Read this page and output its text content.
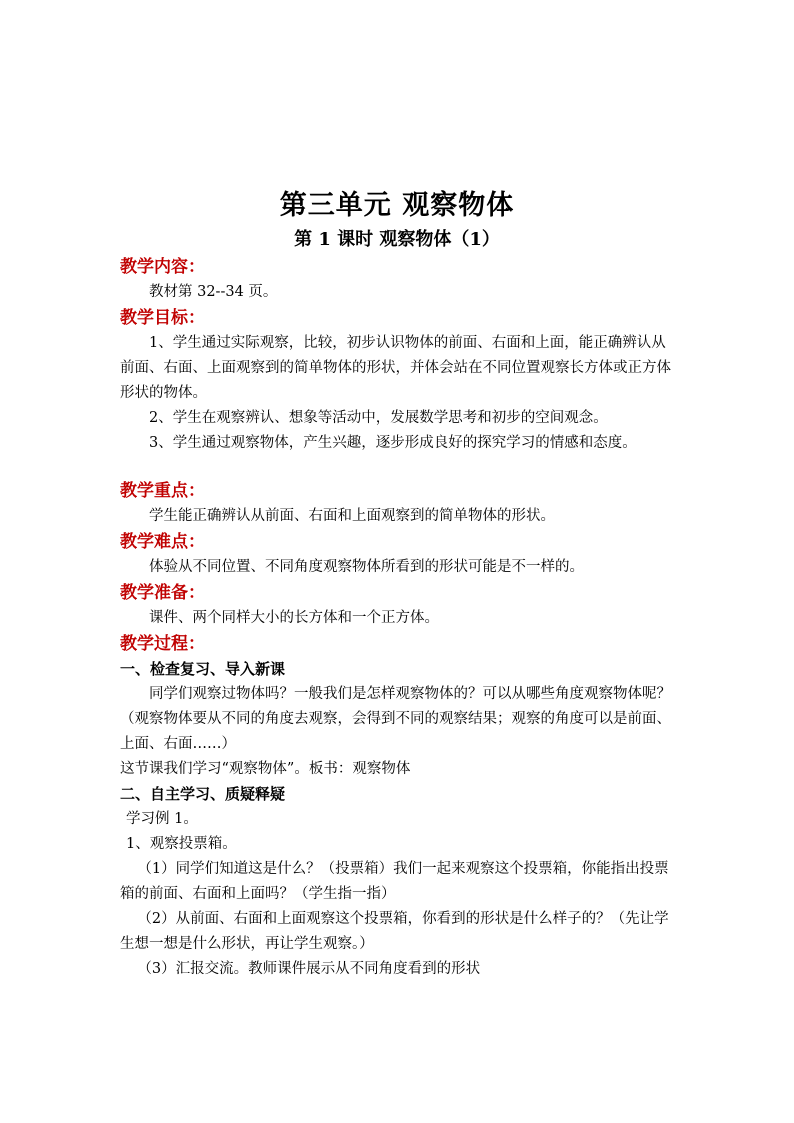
第三单元 观察物体
第 1 课时 观察物体（1）
教学内容：

教材第 32--34 页。

教学目标：

1、学生通过实际观察，比较，初步认识物体的前面、右面和上面，能正确辨认从前面、右面、上面观察到的简单物体的形状，并体会站在不同位置观察长方体或正方体形状的物体。

2、学生在观察辨认、想象等活动中，发展数学思考和初步的空间观念。

3、学生通过观察物体，产生兴趣，逐步形成良好的探究学习的情感和态度。

教学重点：

学生能正确辨认从前面、右面和上面观察到的简单物体的形状。

教学难点：

体验从不同位置、不同角度观察物体所看到的形状可能是不一样的。

教学准备：

课件、两个同样大小的长方体和一个正方体。

教学过程：
一、检查复习、导入新课

同学们观察过物体吗？一般我们是怎样观察物体的？可以从哪些角度观察物体呢？（观察物体要从不同的角度去观察，会得到不同的观察结果；观察的角度可以是前面、上面、右面……）

这节课我们学习“观察物体”。板书：观察物体

二、自主学习、质疑释疑

学习例 1。

1、观察投票箱。

（1）同学们知道这是什么？（投票箱）我们一起来观察这个投票箱，你能指出投票箱的前面、右面和上面吗？（学生指一指）

（2）从前面、右面和上面观察这个投票箱，你看到的形状是什么样子的？（先让学生想一想是什么形状，再让学生观察。）

（3）汇报交流。教师课件展示从不同角度看到的形状
